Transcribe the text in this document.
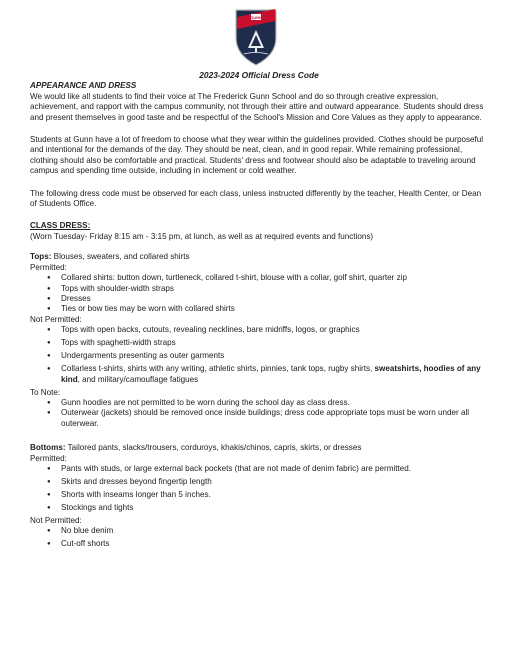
GUNN

2023-2024 Official Dress Code

APPEARANCE AND DRESS

We would like all students to find their voice at The Frederick Gunn School and do so through creative expression, achievement, and rapport with the campus community, not through their attire and outward appearance. Students should dress and present themselves in good taste and be respectful of the School's Mission and Core Values as they apply to appearance.

Students at Gunn have a lot of freedom to choose what they wear within the guidelines provided. Clothes should be purposeful and intentional for the demands of the day. They should be neat, clean, and in good repair. While remaining professional, clothing should also be comfortable and practical. Students' dress and footwear should also be adaptable to traveling around campus and spending time outside, including in inclement or cold weather.

The following dress code must be observed for each class, unless instructed differently by the teacher, Health Center, or Dean of Students Office.

CLASS DRESS:

(Worn Tuesday- Friday 8:15 am - 3:15 pm, at lunch, as well as at required events and functions)

Tops: Blouses, sweaters, and collared shirts

Permitted:

● Collared shirts: button down, turtleneck, collared t-shirt, blouse with a collar, golf shirt, quarter zip
● Tops with shoulder-width straps
● Dresses
● Ties or bow ties may be worn with collared shirts

Not Permitted:

● Tops with open backs, cutouts, revealing necklines, bare midriffs, logos, or graphics
● Tops with spaghetti-width straps
● Undergarments presenting as outer garments
● Collarless t-shirts, shirts with any writing, athletic shirts, pinnies, tank tops, rugby shirts, sweatshirts, hoodies of any kind, and military/camouflage fatigues

To Note:

● Gunn hoodies are not permitted to be worn during the school day as class dress.
● Outerwear (jackets) should be removed once inside buildings; dress code appropriate tops must be worn under all outerwear.

Bottoms: Tailored pants, slacks/trousers, corduroys, khakis/chinos, capris, skirts, or dresses

Permitted:

● Pants with studs, or large external back pockets (that are not made of denim fabric) are permitted.
● Skirts and dresses beyond fingertip length
● Shorts with inseams longer than 5 inches.
● Stockings and tights

Not Permitted:

● No blue denim
● Cut-off shorts
